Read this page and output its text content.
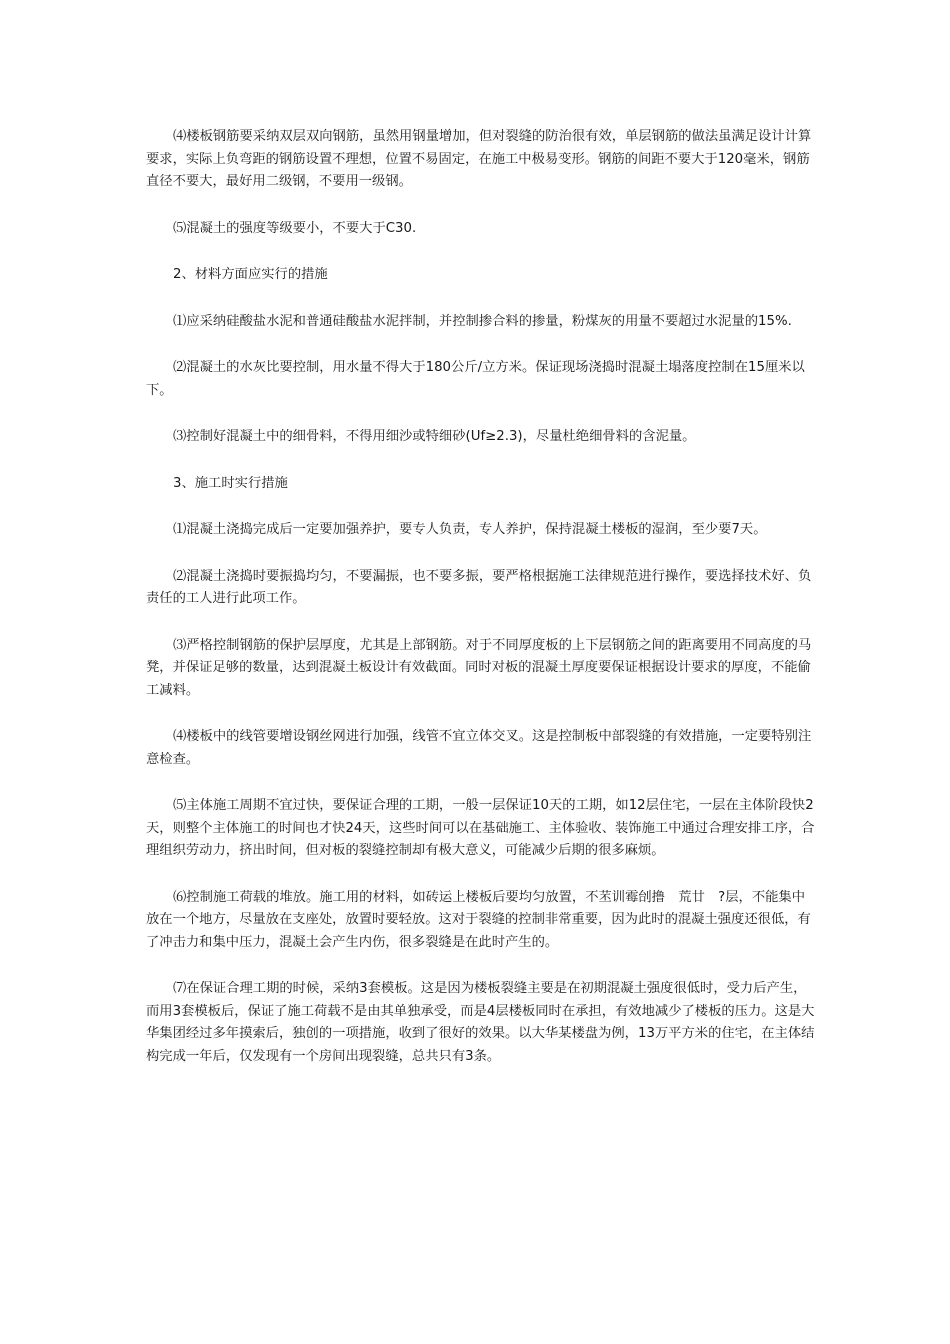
⑷楼板钢筋要采纳双层双向钢筋，虽然用钢量增加，但对裂缝的防治很有效，单层钢筋的做法虽满足设计计算要求，实际上负弯距的钢筋设置不理想，位置不易固定，在施工中极易变形。钢筋的间距不要大于120毫米，钢筋直径不要大，最好用二级钢，不要用一级钢。

⑸混凝土的强度等级要小，不要大于C30.

2、材料方面应实行的措施

⑴应采纳硅酸盐水泥和普通硅酸盐水泥拌制，并控制掺合料的掺量，粉煤灰的用量不要超过水泥量的15%.

⑵混凝土的水灰比要控制，用水量不得大于180公斤/立方米。保证现场浇捣时混凝土塌落度控制在15厘米以下。

⑶控制好混凝土中的细骨料，不得用细沙或特细砂(Uf≥2.3)，尽量杜绝细骨料的含泥量。

3、施工时实行措施

⑴混凝土浇捣完成后一定要加强养护，要专人负责，专人养护，保持混凝土楼板的湿润，至少要7天。

⑵混凝土浇捣时要振捣均匀，不要漏振，也不要多振，要严格根据施工法律规范进行操作，要选择技术好、负责任的工人进行此项工作。

⑶严格控制钢筋的保护层厚度，尤其是上部钢筋。对于不同厚度板的上下层钢筋之间的距离要用不同高度的马凳，并保证足够的数量，达到混凝土板设计有效截面。同时对板的混凝土厚度要保证根据设计要求的厚度，不能偷工减料。

⑷楼板中的线管要增设钢丝网进行加强，线管不宜立体交叉。这是控制板中部裂缝的有效措施，一定要特别注意检查。

⑸主体施工周期不宜过快，要保证合理的工期，一般一层保证10天的工期，如12层住宅，一层在主体阶段快2天，则整个主体施工的时间也才快24天，这些时间可以在基础施工、主体验收、装饰施工中通过合理安排工序，合理组织劳动力，挤出时间，但对板的裂缝控制却有极大意义，可能减少后期的很多麻烦。

⑹控制施工荷载的堆放。施工用的材料，如砖运上楼板后要均匀放置，不苤训霉刣撸　荒廿　?层，不能集中放在一个地方，尽量放在支座处，放置时要轻放。这对于裂缝的控制非常重要，因为此时的混凝土强度还很低，有了冲击力和集中压力，混凝土会产生内伤，很多裂缝是在此时产生的。

⑺在保证合理工期的时候，采纳3套模板。这是因为楼板裂缝主要是在初期混凝土强度很低时，受力后产生，而用3套模板后，保证了施工荷载不是由其单独承受，而是4层楼板同时在承担，有效地减少了楼板的压力。这是大华集团经过多年摸索后，独创的一项措施，收到了很好的效果。以大华某楼盘为例，13万平方米的住宅，在主体结构完成一年后，仅发现有一个房间出现裂缝，总共只有3条。
